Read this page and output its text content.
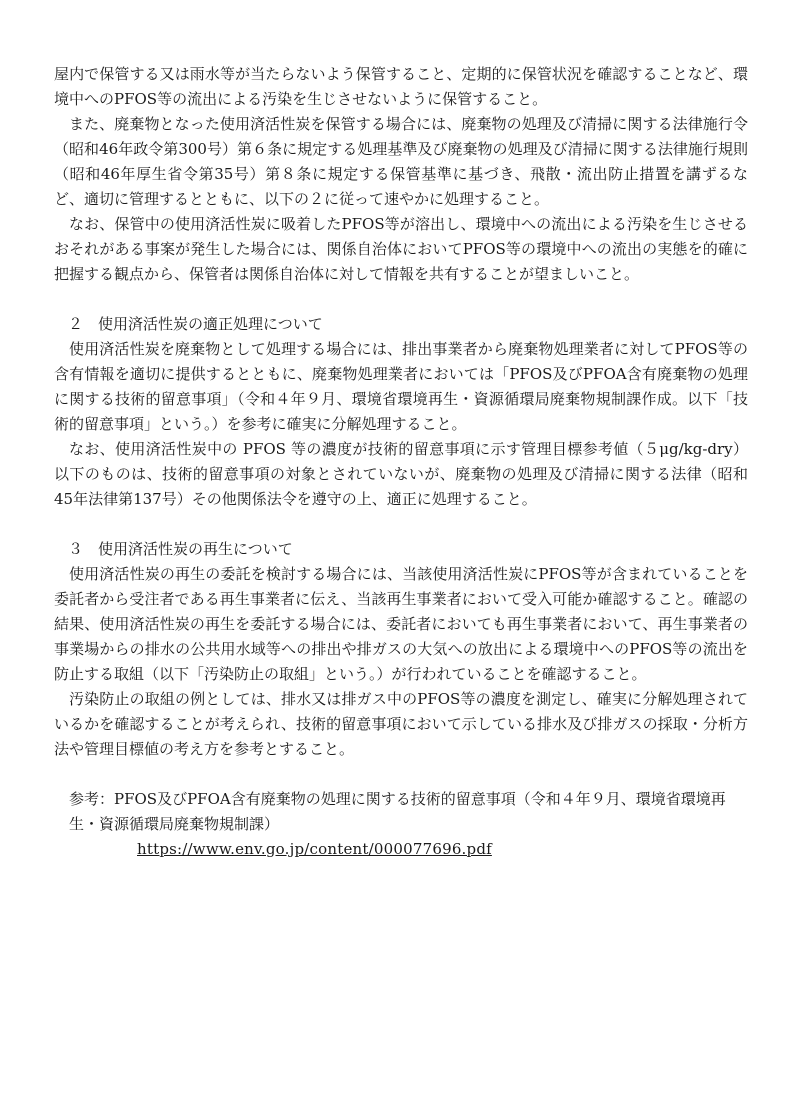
屋内で保管する又は雨水等が当たらないよう保管すること、定期的に保管状況を確認することなど、環境中へのPFOS等の流出による汚染を生じさせないように保管すること。

また、廃棄物となった使用済活性炭を保管する場合には、廃棄物の処理及び清掃に関する法律施行令（昭和46年政令第300号）第６条に規定する処理基準及び廃棄物の処理及び清掃に関する法律施行規則（昭和46年厚生省令第35号）第８条に規定する保管基準に基づき、飛散・流出防止措置を講ずるなど、適切に管理するとともに、以下の２に従って速やかに処理すること。

なお、保管中の使用済活性炭に吸着したPFOS等が溶出し、環境中への流出による汚染を生じさせるおそれがある事案が発生した場合には、関係自治体においてPFOS等の環境中への流出の実態を的確に把握する観点から、保管者は関係自治体に対して情報を共有することが望ましいこと。

２　使用済活性炭の適正処理について

使用済活性炭を廃棄物として処理する場合には、排出事業者から廃棄物処理業者に対してPFOS等の含有情報を適切に提供するとともに、廃棄物処理業者においては「PFOS及びPFOA含有廃棄物の処理に関する技術的留意事項」（令和４年９月、環境省環境再生・資源循環局廃棄物規制課作成。以下「技術的留意事項」という。）を参考に確実に分解処理すること。

なお、使用済活性炭中の PFOS 等の濃度が技術的留意事項に示す管理目標参考値（５μg/kg-dry）以下のものは、技術的留意事項の対象とされていないが、廃棄物の処理及び清掃に関する法律（昭和45年法律第137号）その他関係法令を遵守の上、適正に処理すること。

３　使用済活性炭の再生について

使用済活性炭の再生の委託を検討する場合には、当該使用済活性炭にPFOS等が含まれていることを委託者から受注者である再生事業者に伝え、当該再生事業者において受入可能か確認すること。確認の結果、使用済活性炭の再生を委託する場合には、委託者においても再生事業者において、再生事業者の事業場からの排水の公共用水域等への排出や排ガスの大気への放出による環境中へのPFOS等の流出を防止する取組（以下「汚染防止の取組」という。）が行われていることを確認すること。

汚染防止の取組の例としては、排水又は排ガス中のPFOS等の濃度を測定し、確実に分解処理されているかを確認することが考えられ、技術的留意事項において示している排水及び排ガスの採取・分析方法や管理目標値の考え方を参考とすること。

参考：PFOS及びPFOA含有廃棄物の処理に関する技術的留意事項（令和４年９月、環境省環境再生・資源循環局廃棄物規制課）

https://www.env.go.jp/content/000077696.pdf
